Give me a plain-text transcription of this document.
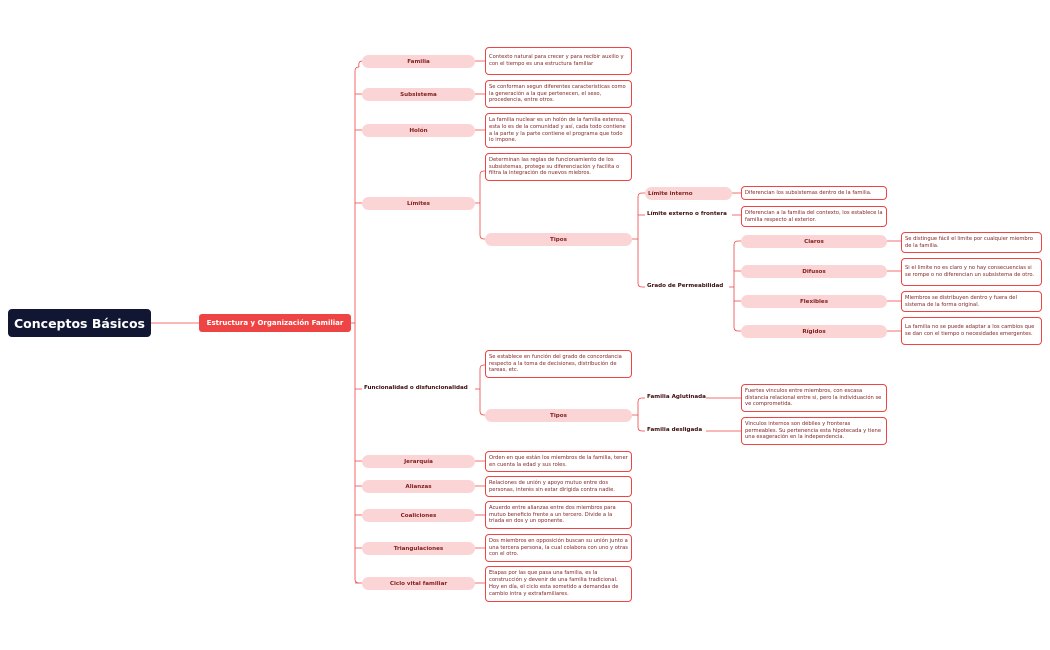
Conceptos Básicos	Estructura y Organización Familiar
Familia
Contexto natural para crecer y para recibir auxilio y con el tiempo es una estructura familiar
Subsistema
Se conforman segun diferentes caracteristicas como la generación a la que pertenecen, el sexo, procedencia, entre otros.
Holón
La familia nuclear es un holón de la familia extensa, esta lo es de la comunidad y así, cada todo contiene a la parte y la parte contiene el programa que todo lo impone.
Límites
Determinan las reglas de funcionamiento de los subsistemas, protege su diferenciación y facilita o filtra la integración de nuevos miebros.
Tipos
Límite interno	Diferencian los subsistemas dentro de la familia.
Límite externo o frontera	Diferencian a la familia del contexto, los establece la familia respecto al exterior.
Grado de Permeabilidad
Claros	Se distingue fácil el limite por cualquier miembro de la familia.
Difusos
Si el limite no es claro y no hay consecuencias si se rompe o no diferencian un subsistema de otro.
Flexibles
Miembros se distribuyen dentro y fuera del sistema de la forma original.
Rígidos
La familia no se puede adaptar a los cambios que se dan con el tiempo o necesidades emergentes.
Funcionalidad o disfuncionalidad
Se establece en función del grado de concordancia respecto a la toma de decisiones, distribución de tareas, etc.
Tipos
Familia Aglutinada
Fuertes vinculos entre miembros, con escasa distancia relacional entre si, pero la individuación se ve comprometida.
Familia desligada
Vinculos internos son débiles y fronteras permeables. Su pertenencia esta hipotecada y tiene una exageración en la independencia.
Jerarquía
Orden en que están los miembros de la familia, tener en cuenta la edad y sus roles.
Alianzas
Relaciones de unión y apoyo mutuo entre dos personas, interés sin estar dirigida contra nadie.
Coaliciones
Acuerdo entre alianzas entre dos miembros para mutuo beneficio frente a un tercero. Divide a la triada en dos y un oponente.
Triangulaciones
Dos miembros en opposición buscan su unión junto a una tercera persona, la cual colabora con uno y otras con el otro.
Ciclo vital familiar
Etapas por las que pasa una familia, es la construcción y devenir de una familia tradicional. Hoy en día, el ciclo esta sometido a demandas de cambio intra y extrafamiliares.
